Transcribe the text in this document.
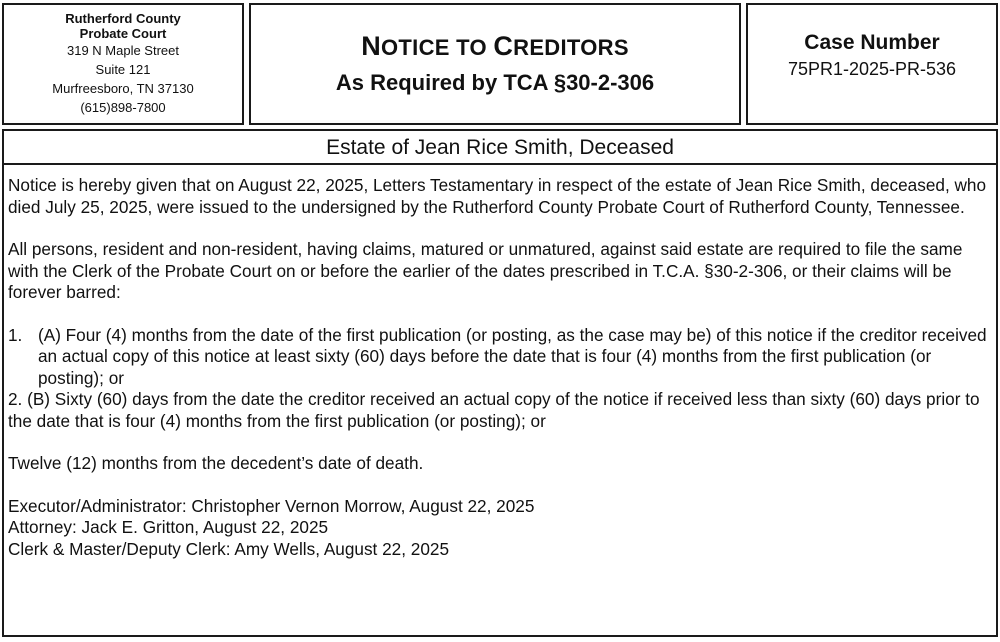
Rutherford County
Probate Court
319 N Maple Street
Suite 121
Murfreesboro, TN 37130
(615)898-7800
NOTICE TO CREDITORS
As Required by TCA §30-2-306
Case Number
75PR1-2025-PR-536
Estate of Jean Rice Smith, Deceased

Notice is hereby given that on August 22, 2025, Letters Testamentary in respect of the estate of Jean Rice Smith, deceased, who died July 25, 2025, were issued to the undersigned by the Rutherford County Probate Court of Rutherford County, Tennessee.

All persons, resident and non-resident, having claims, matured or unmatured, against said estate are required to file the same with the Clerk of the Probate Court on or before the earlier of the dates prescribed in T.C.A. §30-2-306, or their claims will be forever barred:

1. (A) Four (4) months from the date of the first publication (or posting, as the case may be) of this notice if the creditor received an actual copy of this notice at least sixty (60) days before the date that is four (4) months from the first publication (or posting); or

2. (B) Sixty (60) days from the date the creditor received an actual copy of the notice if received less than sixty (60) days prior to the date that is four (4) months from the first publication (or posting); or

Twelve (12) months from the decedent’s date of death.

Executor/Administrator: Christopher Vernon Morrow, August 22, 2025

Attorney: Jack E. Gritton, August 22, 2025

Clerk & Master/Deputy Clerk: Amy Wells, August 22, 2025
